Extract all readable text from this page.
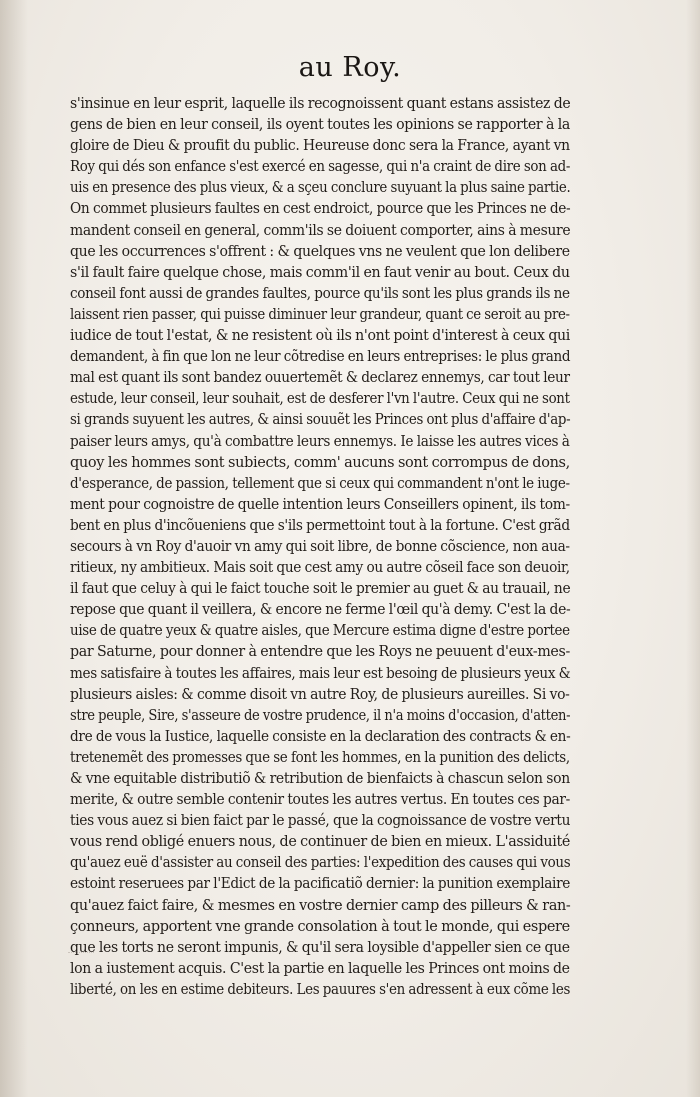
au Roy.
s'insinue en leur esprit, laquelle ils recognoissent quant estans assistez de
gens de bien en leur conseil, ils oyent toutes les opinions se rapporter à la
gloire de Dieu & proufit du public. Heureuse donc sera la France, ayant vn
Roy qui dés son enfance s'est exercé en sagesse, qui n'a craint de dire son ad-
uis en presence des plus vieux, & a sçeu conclure suyuant la plus saine partie.
On commet plusieurs faultes en cest endroict, pource que les Princes ne de-
mandent conseil en general, comm'ils se doiuent comporter, ains à mesure
que les occurrences s'offrent : & quelques vns ne veulent que lon delibere
s'il fault faire quelque chose, mais comm'il en faut venir au bout. Ceux du
conseil font aussi de grandes faultes, pource qu'ils sont les plus grands ils ne
laissent rien passer, qui puisse diminuer leur grandeur, quant ce seroit au pre-
iudice de tout l'estat, & ne resistent où ils n'ont point d'interest à ceux qui
demandent, à fin que lon ne leur cõtredise en leurs entreprises: le plus grand
mal est quant ils sont bandez ouuertemẽt & declarez ennemys, car tout leur
estude, leur conseil, leur souhait, est de desferer l'vn l'autre. Ceux qui ne sont
si grands suyuent les autres, & ainsi souuẽt les Princes ont plus d'affaire d'ap-
paiser leurs amys, qu'à combattre leurs ennemys. Ie laisse les autres vices à
quoy les hommes sont subiects, comm' aucuns sont corrompus de dons,
d'esperance, de passion, tellement que si ceux qui commandent n'ont le iuge-
ment pour cognoistre de quelle intention leurs Conseillers opinent, ils tom-
bent en plus d'incõueniens que s'ils permettoint tout à la fortune. C'est grãd
secours à vn Roy d'auoir vn amy qui soit libre, de bonne cõscience, non aua-
ritieux, ny ambitieux. Mais soit que cest amy ou autre cõseil face son deuoir,
il faut que celuy à qui le faict touche soit le premier au guet & au trauail, ne
repose que quant il veillera, & encore ne ferme l'œil qu'à demy. C'est la de-
uise de quatre yeux & quatre aisles, que Mercure estima digne d'estre portee
par Saturne, pour donner à entendre que les Roys ne peuuent d'eux-mes-
mes satisfaire à toutes les affaires, mais leur est besoing de plusieurs yeux &
plusieurs aisles: & comme disoit vn autre Roy, de plusieurs aureilles. Si vo-
stre peuple, Sire, s'asseure de vostre prudence, il n'a moins d'occasion, d'atten-
dre de vous la Iustice, laquelle consiste en la declaration des contracts & en-
tretenemẽt des promesses que se font les hommes, en la punition des delicts,
& vne equitable distributiõ & retribution de bienfaicts à chascun selon son
merite, & outre semble contenir toutes les autres vertus. En toutes ces par-
ties vous auez si bien faict par le passé, que la cognoissance de vostre vertu
vous rend obligé enuers nous, de continuer de bien en mieux. L'assiduité
qu'auez euë d'assister au conseil des parties: l'expedition des causes qui vous
estoint reseruees par l'Edict de la pacificatiõ dernier: la punition exemplaire
qu'auez faict faire, & mesmes en vostre dernier camp des pilleurs & ran-
çonneurs, apportent vne grande consolation à tout le monde, qui espere
que les torts ne seront impunis, & qu'il sera loysible d'appeller sien ce que
lon a iustement acquis. C'est la partie en laquelle les Princes ont moins de
liberté, on les en estime debiteurs. Les pauures s'en adressent à eux cõme les
